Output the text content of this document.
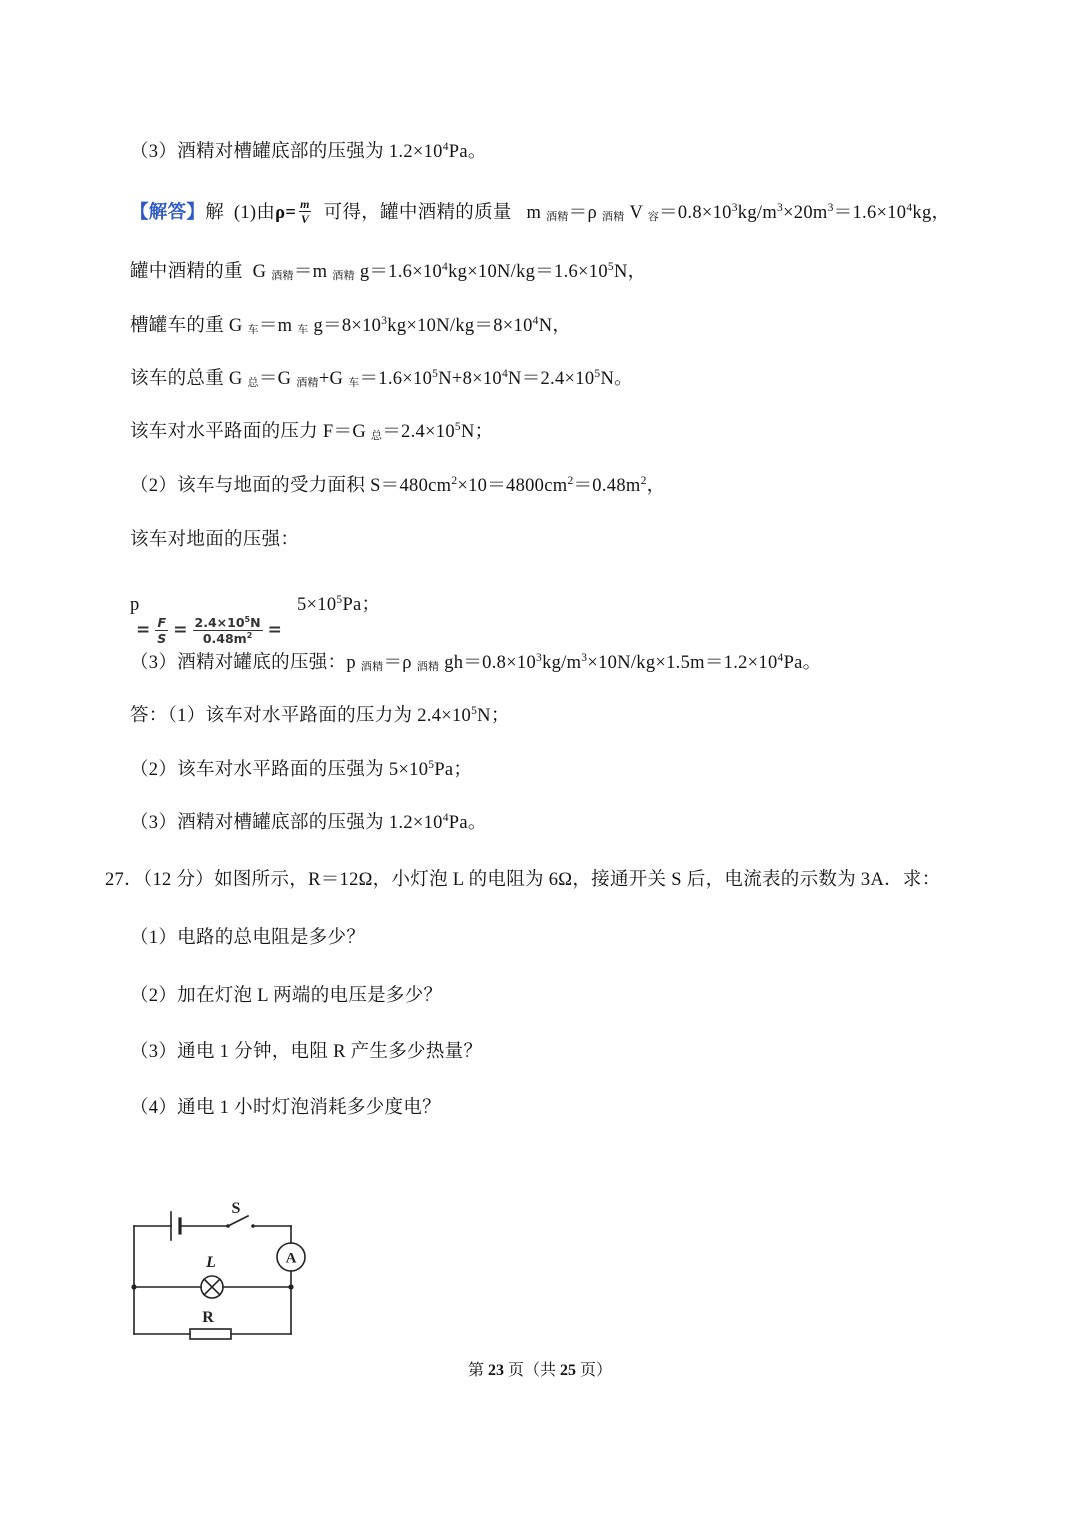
（3）酒精对槽罐底部的压强为 $1.2\times 10^4Pa$。
【解答】解  (1)由$\rho= \frac{m}{V}$ 可得，罐中酒精的质量   m $_{酒精}$＝ρ $_{酒精}$ V $_容=0.8\times 10^3kg/m^3\times 20m^3=1.6\times 10^4kg$，
罐中酒精的重  G $_{酒精}$＝m $_{酒精}$ $g=1.6\times 10^4kg\times 10N/kg=1.6\times 10^5N$，
槽罐车的重 G $_车$＝m $_车$ $g=8\times 10^3kg\times 10N/kg=8\times 10^4N$，
该车的总重 G $_总$＝G $_{酒精}$+G $_车=1.6\times 10^5N+8\times 10^4N=2.4\times 10^5N$。
该车对水平路面的压力 F＝G $_总=2.4\times 10^5N$；
（2）该车与地面的受力面积 $S=480cm^2\times 10=4800cm^2=0.48m^2$，
该车对地面的压强：
p
= $\frac{F}{S} = \frac{2.4\times 10^5N}{0.48m^2}$ =
$5\times 10^5Pa$；
（3）酒精对罐底的压强：p $_{酒精}$＝ρ $_{酒精}$ $gh=0.8\times 10^3kg/m^3\times 10N/kg\times 1.5m=1.2\times 10^4Pa$。
答：（1）该车对水平路面的压力为 $2.4\times 10^5N$；
（2）该车对水平路面的压强为 $5\times 10^5Pa$；
（3）酒精对槽罐底部的压强为 $1.2\times 10^4Pa$。
27．（12 分）如图所示，R＝12Ω，小灯泡 L 的电阻为 6Ω，接通开关 S 后，电流表的示数为 3A．求：
（1）电路的总电阻是多少？
（2）加在灯泡 L 两端的电压是多少？
（3）通电 1 分钟，电阻 R 产生多少热量？
（4）通电 1 小时灯泡消耗多少度电？
S
L	A
R
第 23 页（共 25 页）
